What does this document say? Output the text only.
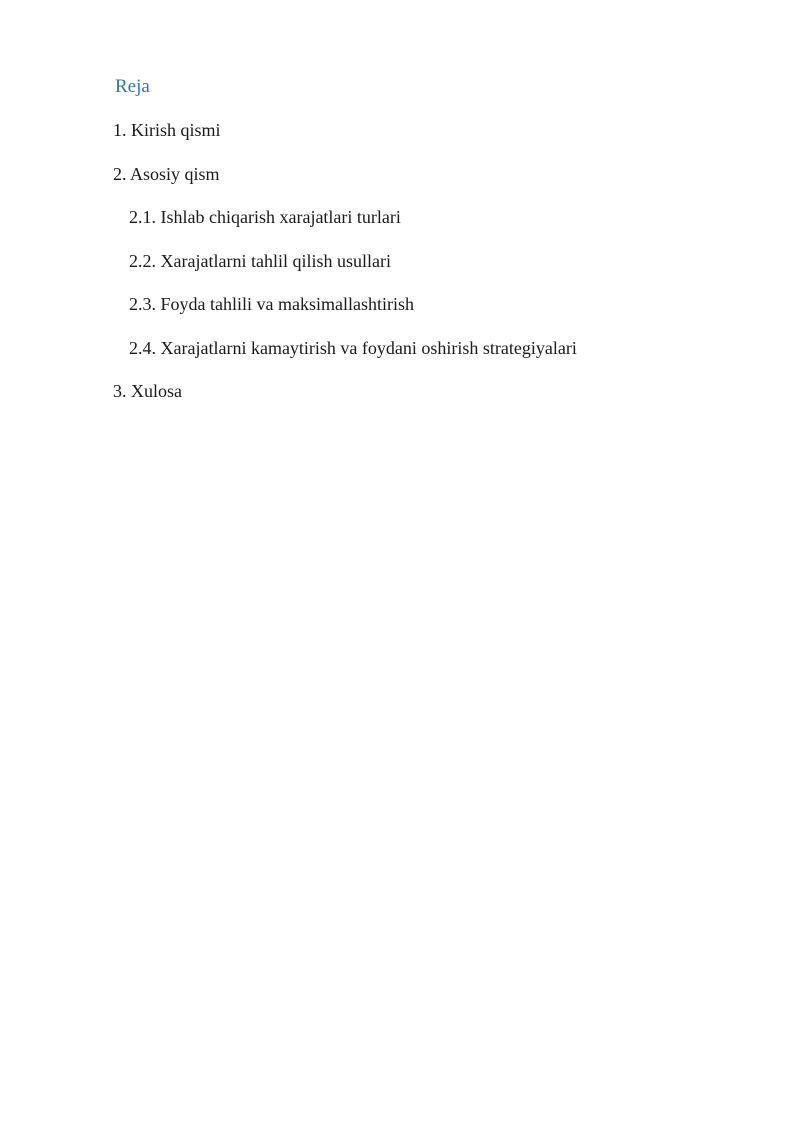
Reja
1. Kirish qismi
2. Asosiy qism
2.1. Ishlab chiqarish xarajatlari turlari
2.2. Xarajatlarni tahlil qilish usullari
2.3. Foyda tahlili va maksimallashtirish
2.4. Xarajatlarni kamaytirish va foydani oshirish strategiyalari
3. Xulosa
